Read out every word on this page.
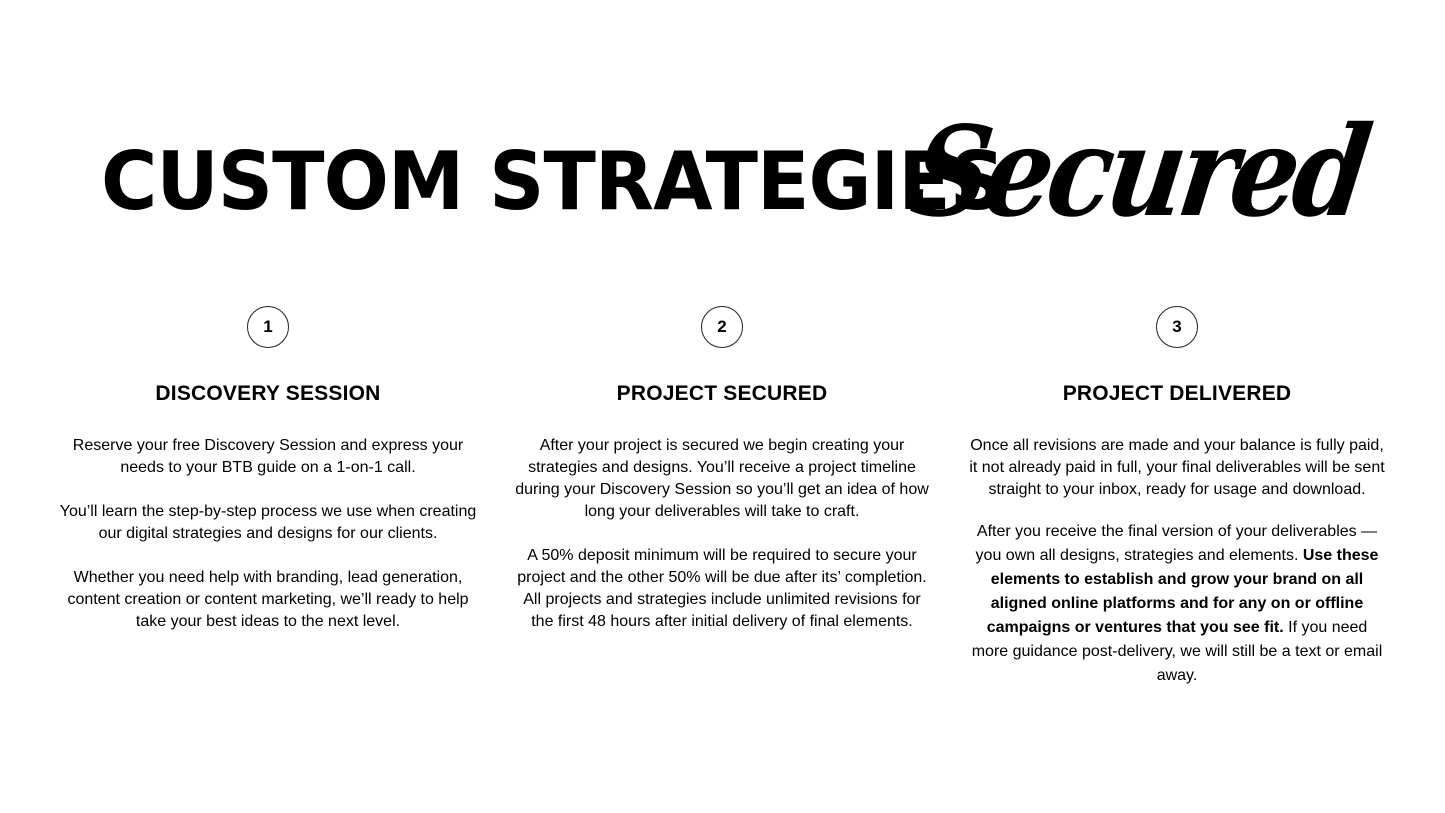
CUSTOM STRATEGIES
Secured
1
DISCOVERY SESSION

Reserve your free Discovery Session and express your needs to your BTB guide on a 1-on-1 call.

You’ll learn the step-by-step process we use when creating our digital strategies and designs for our clients.

Whether you need help with branding, lead generation, content creation or content marketing, we’ll ready to help take your best ideas to the next level.

2
PROJECT SECURED

After your project is secured we begin creating your strategies and designs. You’ll receive a project timeline during your Discovery Session so you’ll get an idea of how long your deliverables will take to craft.

A 50% deposit minimum will be required to secure your project and the other 50% will be due after its’ completion. All projects and strategies include unlimited revisions for the first 48 hours after initial delivery of final elements.

3
PROJECT DELIVERED

Once all revisions are made and your balance is fully paid, it not already paid in full, your final deliverables will be sent straight to your inbox, ready for usage and download.

After you receive the final version of your deliverables — you own all designs, strategies and elements. Use these elements to establish and grow your brand on all aligned online platforms and for any on or offline campaigns or ventures that you see fit. If you need more guidance post-delivery, we will still be a text or email away.
